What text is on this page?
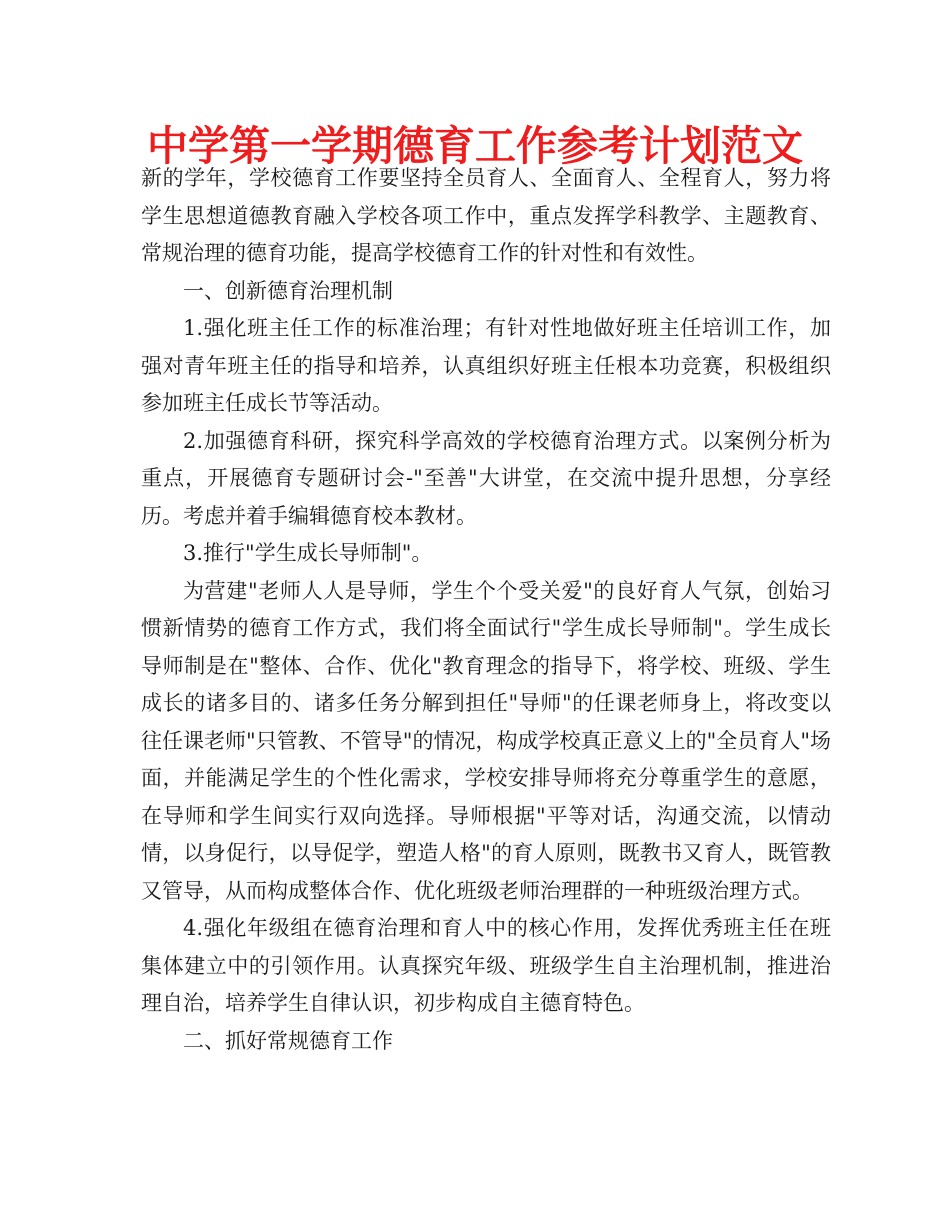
中学第一学期德育工作参考计划范文

新的学年，学校德育工作要坚持全员育人、全面育人、全程育人，努力将学生思想道德教育融入学校各项工作中，重点发挥学科教学、主题教育、常规治理的德育功能，提高学校德育工作的针对性和有效性。

一、创新德育治理机制

1.强化班主任工作的标准治理；有针对性地做好班主任培训工作，加强对青年班主任的指导和培养，认真组织好班主任根本功竞赛，积极组织参加班主任成长节等活动。

2.加强德育科研，探究科学高效的学校德育治理方式。以案例分析为重点，开展德育专题研讨会-"至善"大讲堂，在交流中提升思想，分享经历。考虑并着手编辑德育校本教材。

3.推行"学生成长导师制"。

为营建"老师人人是导师，学生个个受关爱"的良好育人气氛，创始习惯新情势的德育工作方式，我们将全面试行"学生成长导师制"。学生成长导师制是在"整体、合作、优化"教育理念的指导下，将学校、班级、学生成长的诸多目的、诸多任务分解到担任"导师"的任课老师身上，将改变以往任课老师"只管教、不管导"的情况，构成学校真正意义上的"全员育人"场面，并能满足学生的个性化需求，学校安排导师将充分尊重学生的意愿，在导师和学生间实行双向选择。导师根据"平等对话，沟通交流，以情动情，以身促行，以导促学，塑造人格"的育人原则，既教书又育人，既管教又管导，从而构成整体合作、优化班级老师治理群的一种班级治理方式。

4.强化年级组在德育治理和育人中的核心作用，发挥优秀班主任在班集体建立中的引领作用。认真探究年级、班级学生自主治理机制，推进治理自治，培养学生自律认识，初步构成自主德育特色。

二、抓好常规德育工作
